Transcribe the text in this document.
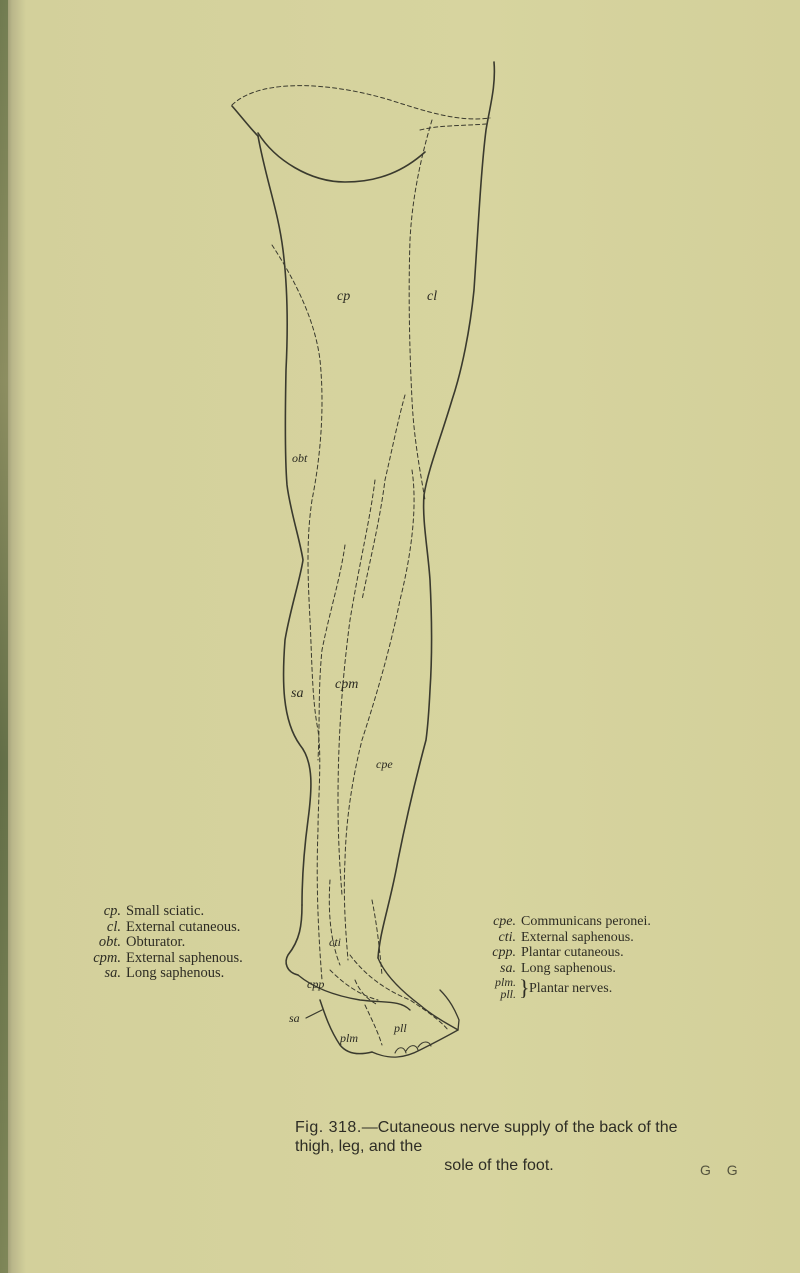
cp	cl
obt
cpm
sa
cpe
cti
cpp
sa
plm
pll
cp. Small sciatic.
cl. External cutaneous.
obt. Obturator.
cpm. External saphenous.
sa. Long saphenous.
cpe. Communicans peronei.
cti. External saphenous.
cpp. Plantar cutaneous.
sa. Long saphenous.
plm.
pll. } Plantar nerves.
Fig. 318.—Cutaneous nerve supply of the back of the thigh, leg, and the
sole of the foot.	G G
